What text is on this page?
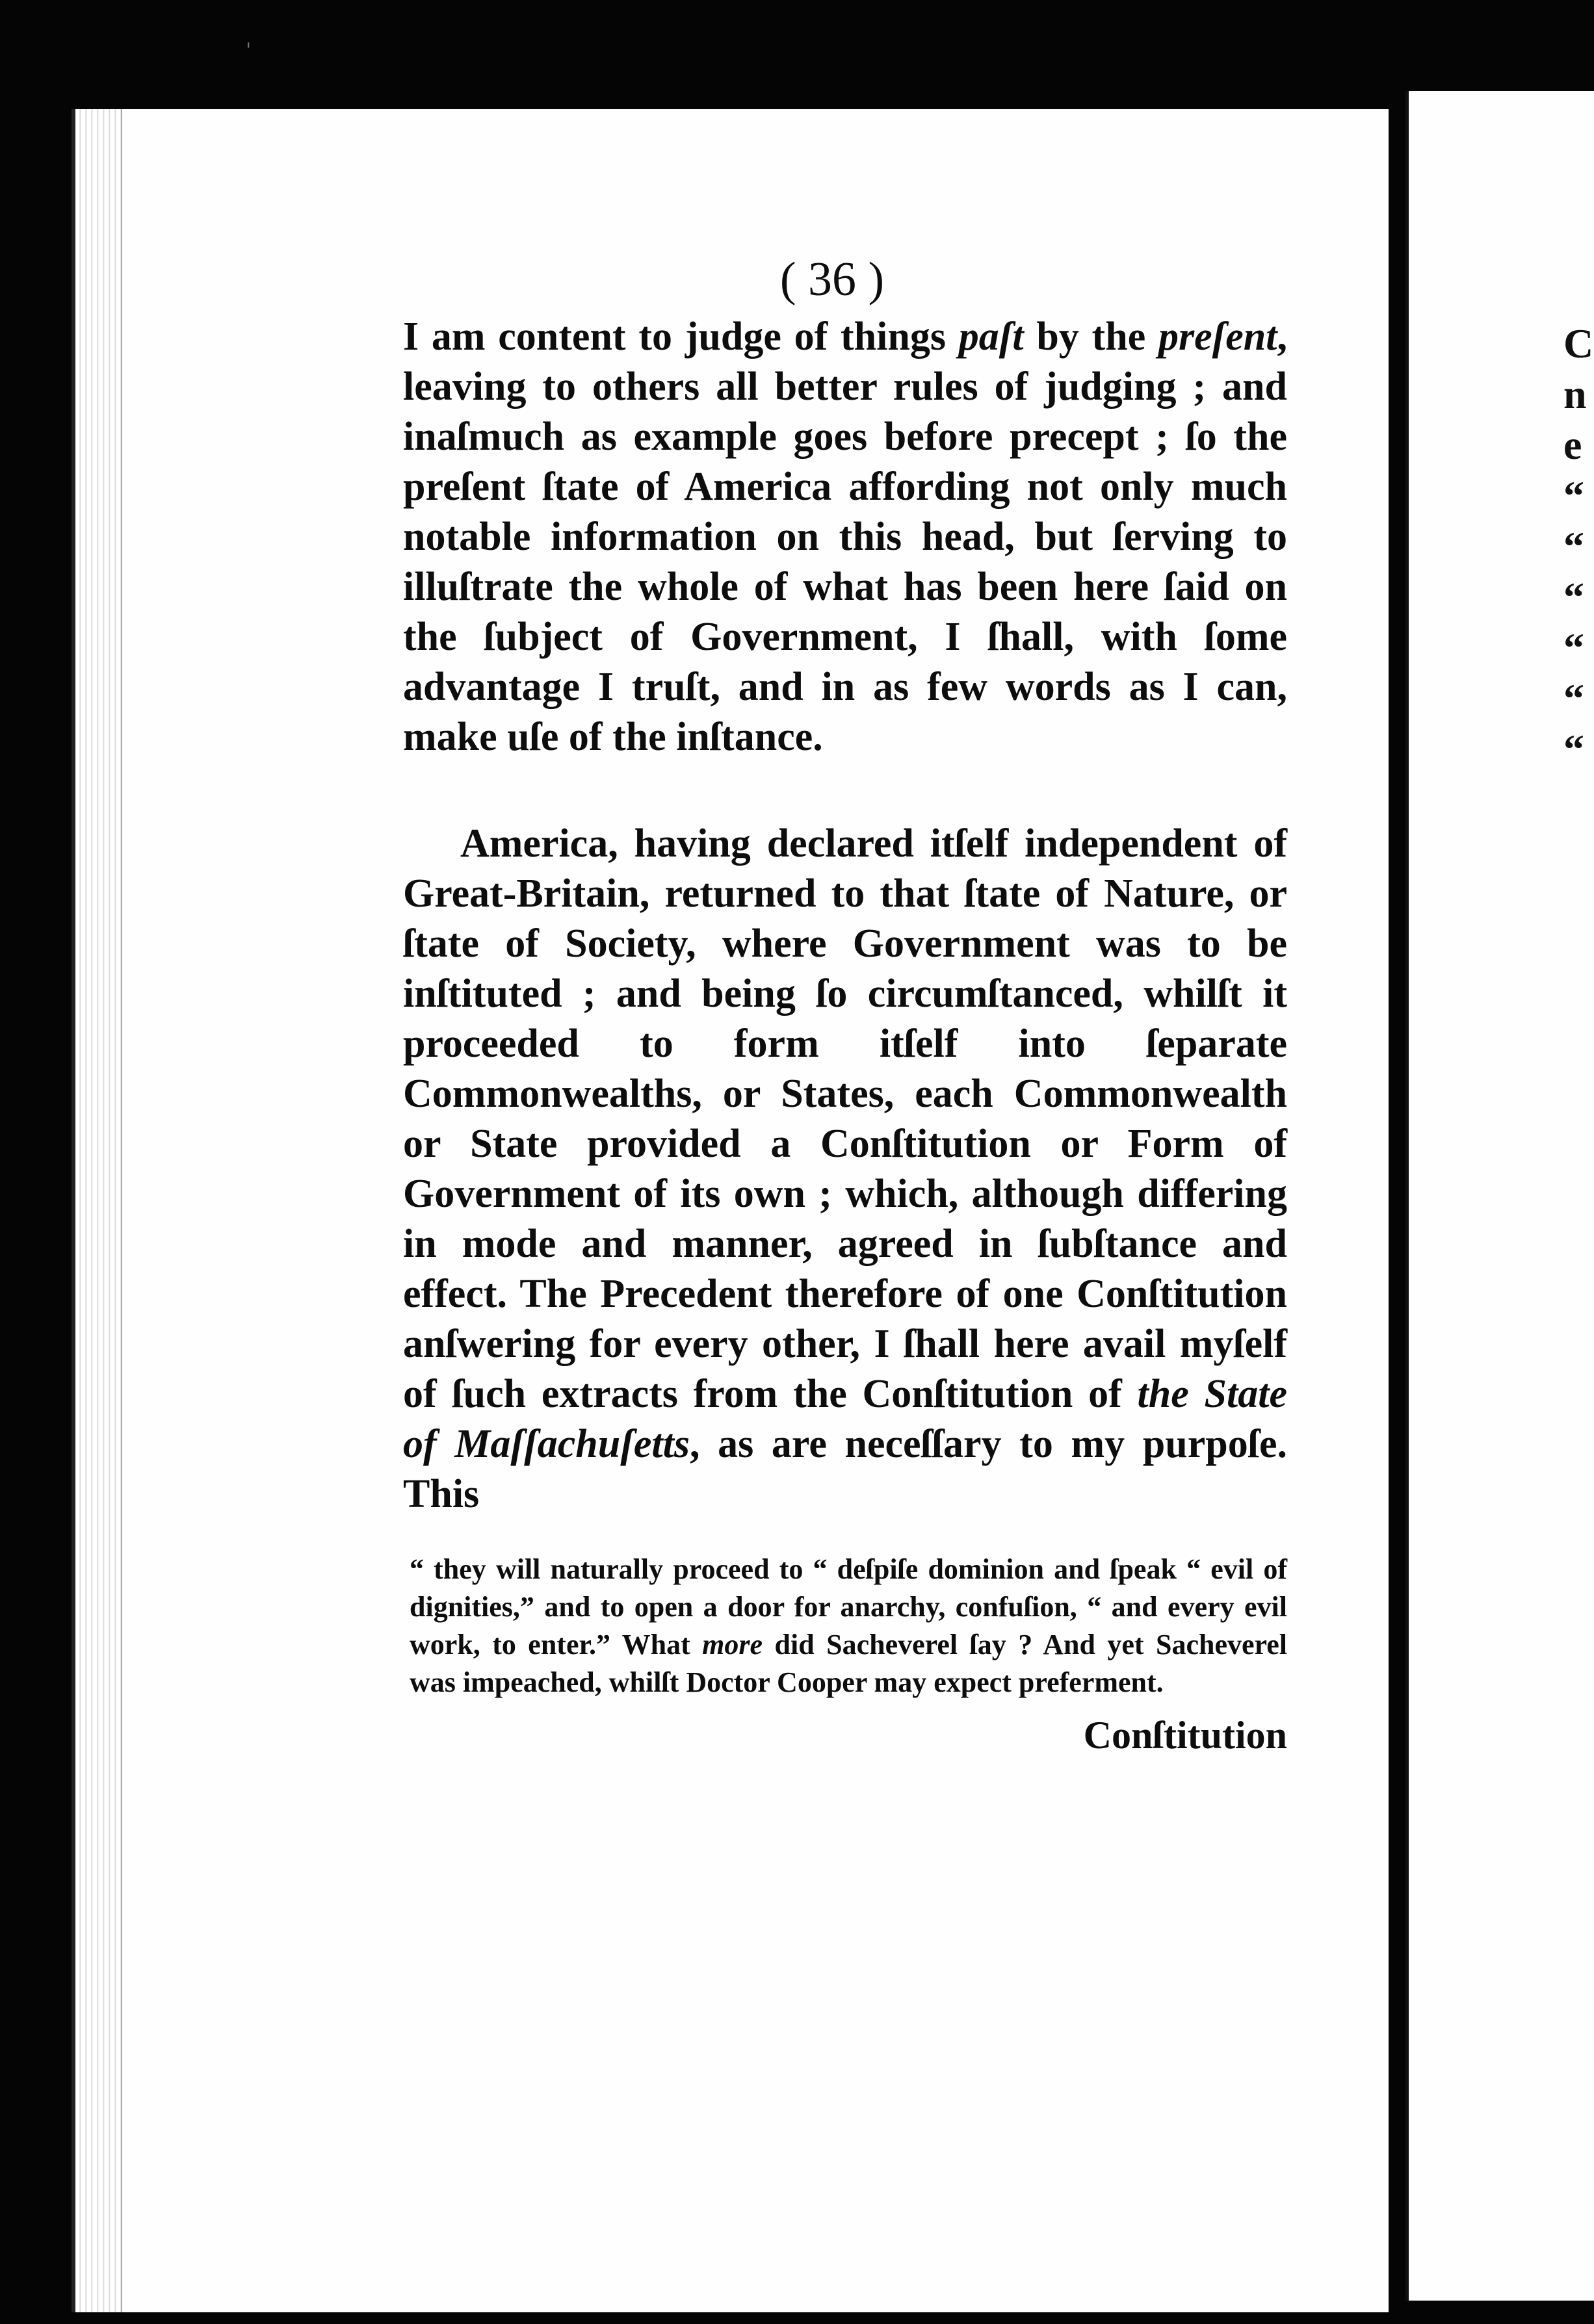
C
n
e
“
“
“
“
“
“
'
( 36 )

I am content to judge of things paſt by the preſent, leaving to others all better rules of judging ; and inaſmuch as example goes before precept ; ſo the preſent ſtate of America affording not only much notable information on this head, but ſerving to illuſtrate the whole of what has been here ſaid on the ſubject of Government, I ſhall, with ſome advantage I truſt, and in as few words as I can, make uſe of the inſtance.

America, having declared itſelf independent of Great-Britain, returned to that ſtate of Nature, or ſtate of Society, where Government was to be inſtituted ; and being ſo circumſtanced, whilſt it proceeded to form itſelf into ſeparate Commonwealths, or States, each Commonwealth or State provided a Conſtitution or Form of Government of its own ; which, although differing in mode and manner, agreed in ſubſtance and effect. The Precedent therefore of one Conſtitution anſwering for every other, I ſhall here avail myſelf of ſuch extracts from the Conſtitution of the State of Maſſachuſetts, as are neceſſary to my purpoſe. This

“ they will naturally proceed to “ deſpiſe dominion and ſpeak “ evil of dignities,” and to open a door for anarchy, confuſion, “ and every evil work, to enter.” What more did Sacheverel ſay ? And yet Sacheverel was impeached, whilſt Doctor Cooper may expect preferment.
Conſtitution
